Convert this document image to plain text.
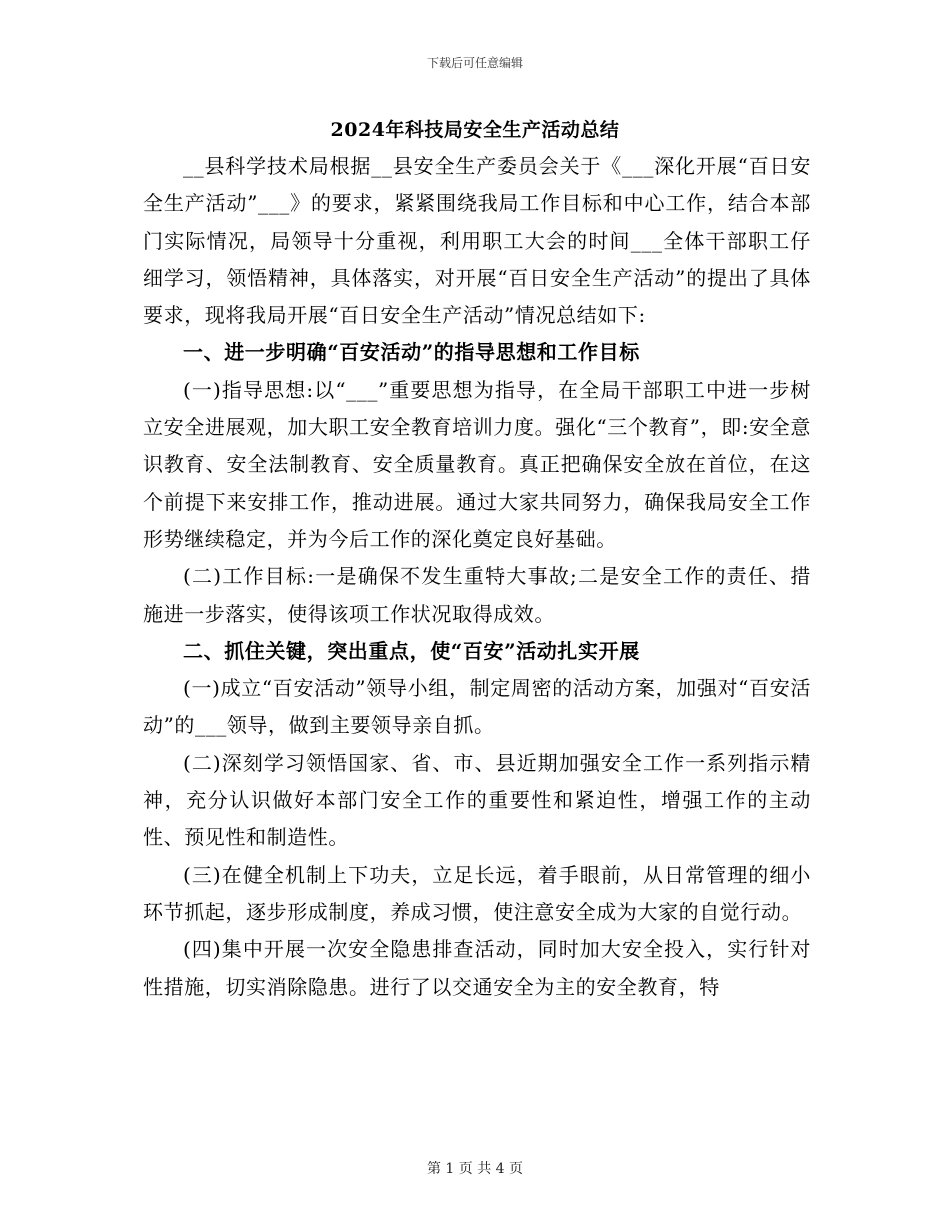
下载后可任意编辑
2024年科技局安全生产活动总结

__县科学技术局根据__县安全生产委员会关于《___深化开展“百日安全生产活动”___》的要求，紧紧围绕我局工作目标和中心工作，结合本部门实际情况，局领导十分重视，利用职工大会的时间___全体干部职工仔细学习，领悟精神，具体落实，对开展“百日安全生产活动”的提出了具体要求，现将我局开展“百日安全生产活动”情况总结如下:

一、进一步明确“百安活动”的指导思想和工作目标

(一)指导思想:以“___”重要思想为指导，在全局干部职工中进一步树立安全进展观，加大职工安全教育培训力度。强化“三个教育”，即:安全意识教育、安全法制教育、安全质量教育。真正把确保安全放在首位，在这个前提下来安排工作，推动进展。通过大家共同努力，确保我局安全工作形势继续稳定，并为今后工作的深化奠定良好基础。

(二)工作目标:一是确保不发生重特大事故;二是安全工作的责任、措施进一步落实，使得该项工作状况取得成效。

二、抓住关键，突出重点，使“百安”活动扎实开展

(一)成立“百安活动”领导小组，制定周密的活动方案，加强对“百安活动”的___领导，做到主要领导亲自抓。

(二)深刻学习领悟国家、省、市、县近期加强安全工作一系列指示精神，充分认识做好本部门安全工作的重要性和紧迫性，增强工作的主动性、预见性和制造性。

(三)在健全机制上下功夫，立足长远，着手眼前，从日常管理的细小环节抓起，逐步形成制度，养成习惯，使注意安全成为大家的自觉行动。

(四)集中开展一次安全隐患排查活动，同时加大安全投入，实行针对性措施，切实消除隐患。进行了以交通安全为主的安全教育，特

第 1 页 共 4 页
